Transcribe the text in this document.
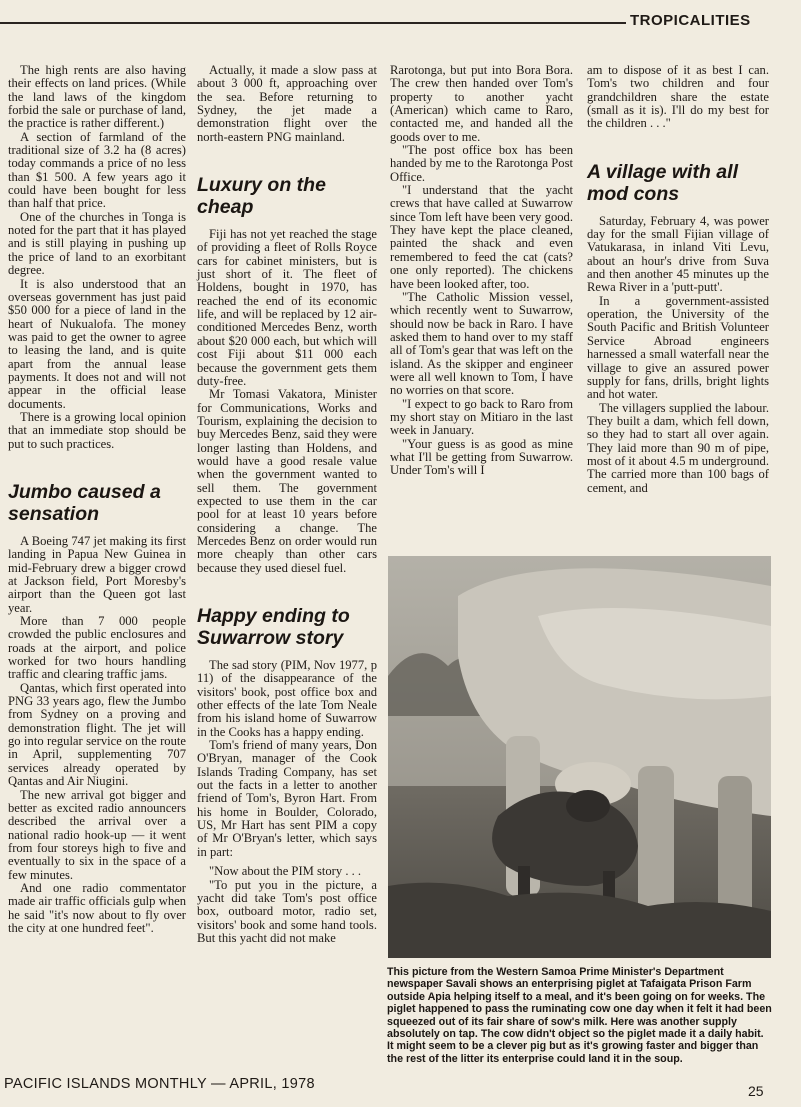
TROPICALITIES

The high rents are also having their effects on land prices. (While the land laws of the kingdom forbid the sale or purchase of land, the practice is rather different.)

A section of farmland of the traditional size of 3.2 ha (8 acres) today commands a price of no less than $1 500. A few years ago it could have been bought for less than half that price.

One of the churches in Tonga is noted for the part that it has played and is still playing in pushing up the price of land to an exorbitant degree.

It is also understood that an overseas government has just paid $50 000 for a piece of land in the heart of Nukualofa. The money was paid to get the owner to agree to leasing the land, and is quite apart from the annual lease payments. It does not and will not appear in the official lease documents.

There is a growing local opinion that an immediate stop should be put to such practices.

Jumbo caused a sensation

A Boeing 747 jet making its first landing in Papua New Guinea in mid-February drew a bigger crowd at Jackson field, Port Moresby's airport than the Queen got last year.

More than 7 000 people crowded the public enclosures and roads at the airport, and police worked for two hours handling traffic and clearing traffic jams.

Qantas, which first operated into PNG 33 years ago, flew the Jumbo from Sydney on a proving and demonstration flight. The jet will go into regular service on the route in April, supplementing 707 services already operated by Qantas and Air Niugini.

The new arrival got bigger and better as excited radio announcers described the arrival over a national radio hook-up — it went from four storeys high to five and eventually to six in the space of a few minutes.

And one radio commentator made air traffic officials gulp when he said "it's now about to fly over the city at one hundred feet".

Actually, it made a slow pass at about 3 000 ft, approaching over the sea. Before returning to Sydney, the jet made a demonstration flight over the north-eastern PNG mainland.

Luxury on the cheap

Fiji has not yet reached the stage of providing a fleet of Rolls Royce cars for cabinet ministers, but is just short of it. The fleet of Holdens, bought in 1970, has reached the end of its economic life, and will be replaced by 12 air-conditioned Mercedes Benz, worth about $20 000 each, but which will cost Fiji about $11 000 each because the government gets them duty-free.

Mr Tomasi Vakatora, Minister for Communications, Works and Tourism, explaining the decision to buy Mercedes Benz, said they were longer lasting than Holdens, and would have a good resale value when the government wanted to sell them. The government expected to use them in the car pool for at least 10 years before considering a change. The Mercedes Benz on order would run more cheaply than other cars because they used diesel fuel.

Happy ending to Suwarrow story

The sad story (PIM, Nov 1977, p 11) of the disappearance of the visitors' book, post office box and other effects of the late Tom Neale from his island home of Suwarrow in the Cooks has a happy ending.

Tom's friend of many years, Don O'Bryan, manager of the Cook Islands Trading Company, has set out the facts in a letter to another friend of Tom's, Byron Hart. From his home in Boulder, Colorado, US, Mr Hart has sent PIM a copy of Mr O'Bryan's letter, which says in part:

"Now about the PIM story . . .

"To put you in the picture, a yacht did take Tom's post office box, outboard motor, radio set, visitors' book and some hand tools. But this yacht did not make

Rarotonga, but put into Bora Bora. The crew then handed over Tom's property to another yacht (American) which came to Raro, contacted me, and handed all the goods over to me.

"The post office box has been handed by me to the Rarotonga Post Office.

"I understand that the yacht crews that have called at Suwarrow since Tom left have been very good. They have kept the place cleaned, painted the shack and even remembered to feed the cat (cats? one only reported). The chickens have been looked after, too.

"The Catholic Mission vessel, which recently went to Suwarrow, should now be back in Raro. I have asked them to hand over to my staff all of Tom's gear that was left on the island. As the skipper and engineer were all well known to Tom, I have no worries on that score.

"I expect to go back to Raro from my short stay on Mitiaro in the last week in January.

"Your guess is as good as mine what I'll be getting from Suwarrow. Under Tom's will I

am to dispose of it as best I can. Tom's two children and four grandchildren share the estate (small as it is). I'll do my best for the children . . ."

A village with all mod cons

Saturday, February 4, was power day for the small Fijian village of Vatukarasa, in inland Viti Levu, about an hour's drive from Suva and then another 45 minutes up the Rewa River in a 'putt-putt'.

In a government-assisted operation, the University of the South Pacific and British Volunteer Service Abroad engineers harnessed a small waterfall near the village to give an assured power supply for fans, drills, bright lights and hot water.

The villagers supplied the labour. They built a dam, which fell down, so they had to start all over again. They laid more than 90 m of pipe, most of it about 4.5 m underground. The carried more than 100 bags of cement, and

This picture from the Western Samoa Prime Minister's Department newspaper Savali shows an enterprising piglet at Tafaigata Prison Farm outside Apia helping itself to a meal, and it's been going on for weeks. The piglet happened to pass the ruminating cow one day when it felt it had been squeezed out of its fair share of sow's milk. Here was another supply absolutely on tap. The cow didn't object so the piglet made it a daily habit. It might seem to be a clever pig but as it's growing faster and bigger than the rest of the litter its enterprise could land it in the soup.
PACIFIC ISLANDS MONTHLY — APRIL, 1978	25
